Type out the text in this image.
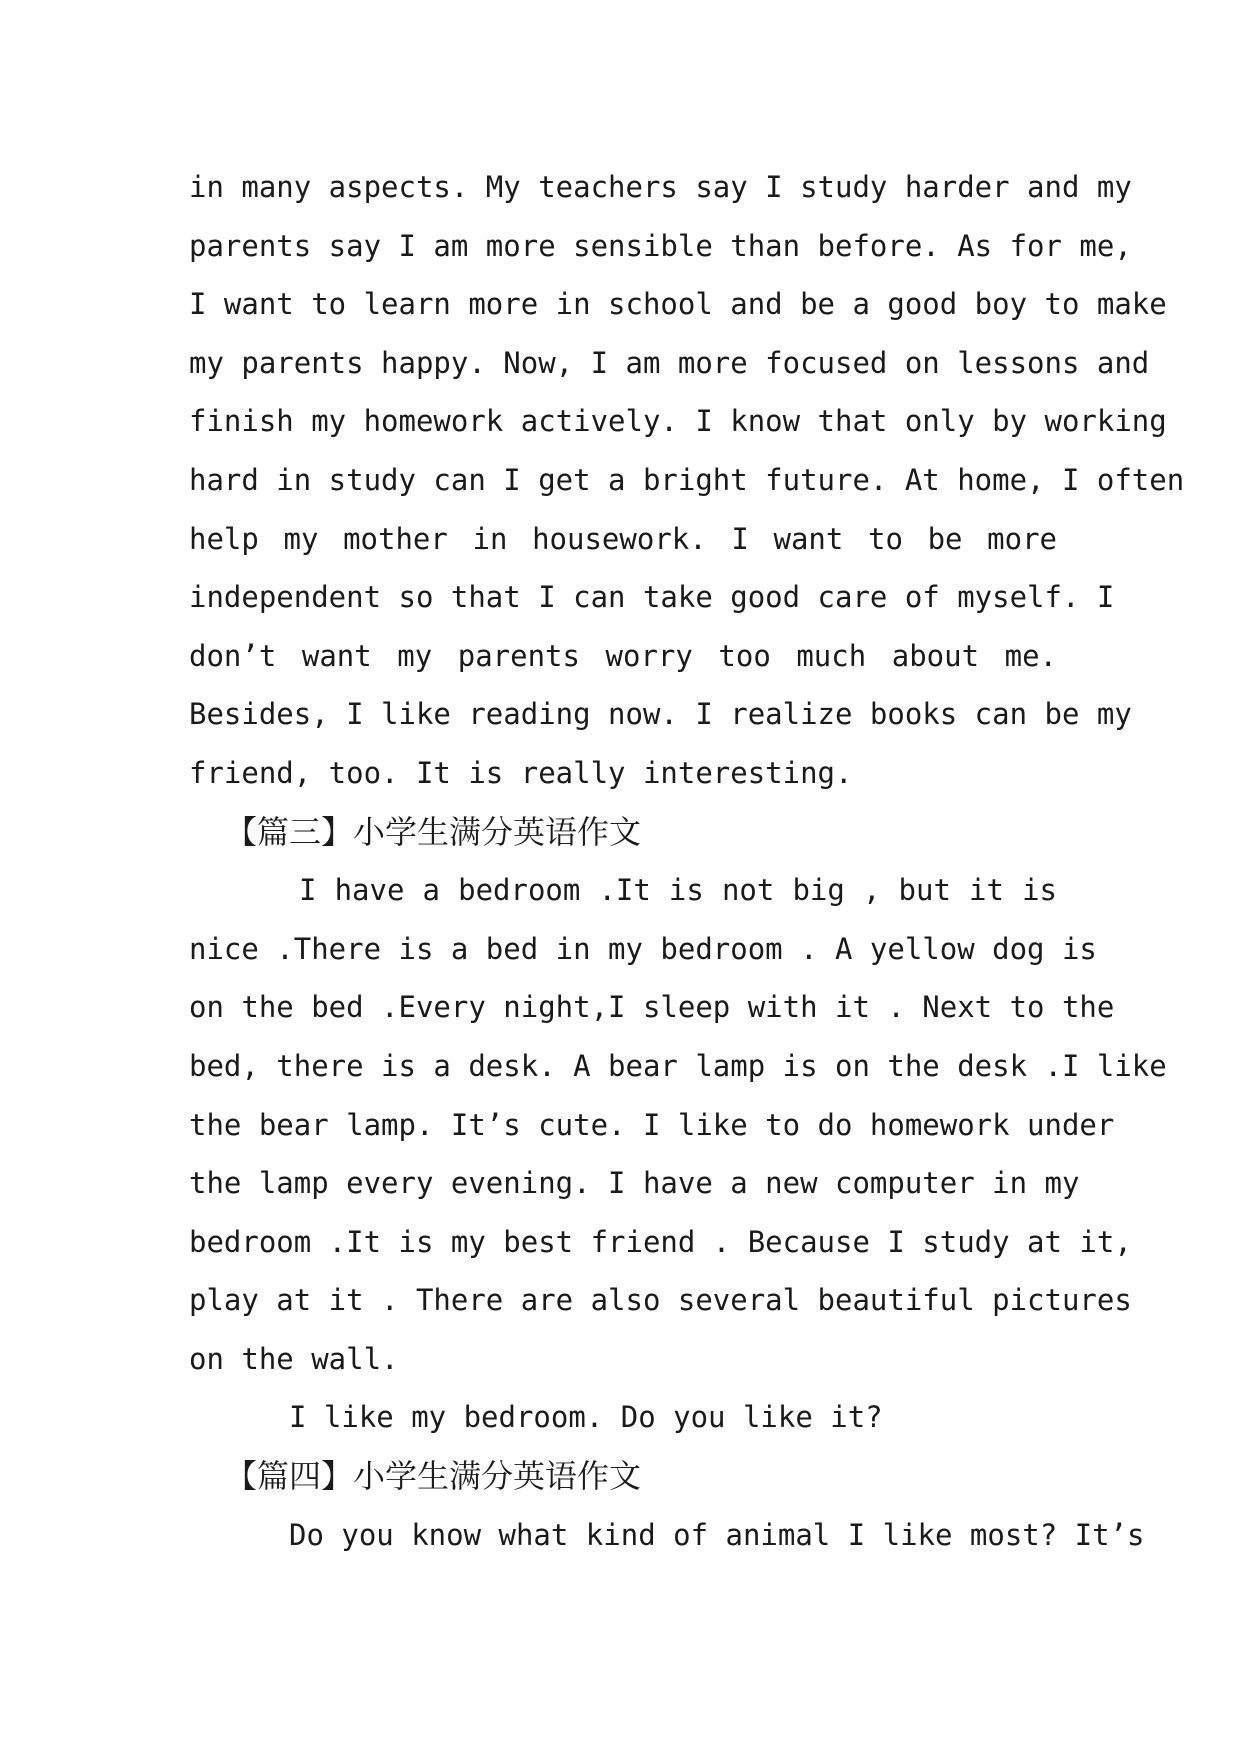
in many aspects. My teachers say I study harder and my
parents say I am more sensible than before. As for me,
I want to learn more in school and be a good boy to make
my parents happy. Now, I am more focused on lessons and
finish my homework actively. I know that only by working
hard in study can I get a bright future. At home, I often
help my mother in housework. I want to be more
independent so that I can take good care of myself. I
don’t want my parents worry too much about me.
Besides, I like reading now. I realize books can be my
friend, too. It is really interesting.
【篇三】小学生满分英语作文
I have a bedroom .It is not big , but it is
nice .There is a bed in my bedroom . A yellow dog is
on the bed .Every night,I sleep with it . Next to the
bed, there is a desk. A bear lamp is on the desk .I like
the bear lamp. It’s cute. I like to do homework under
the lamp every evening. I have a new computer in my
bedroom .It is my best friend . Because I study at it,
play at it . There are also several beautiful pictures
on the wall.
I like my bedroom. Do you like it?
【篇四】小学生满分英语作文
Do you know what kind of animal I like most? It’s
